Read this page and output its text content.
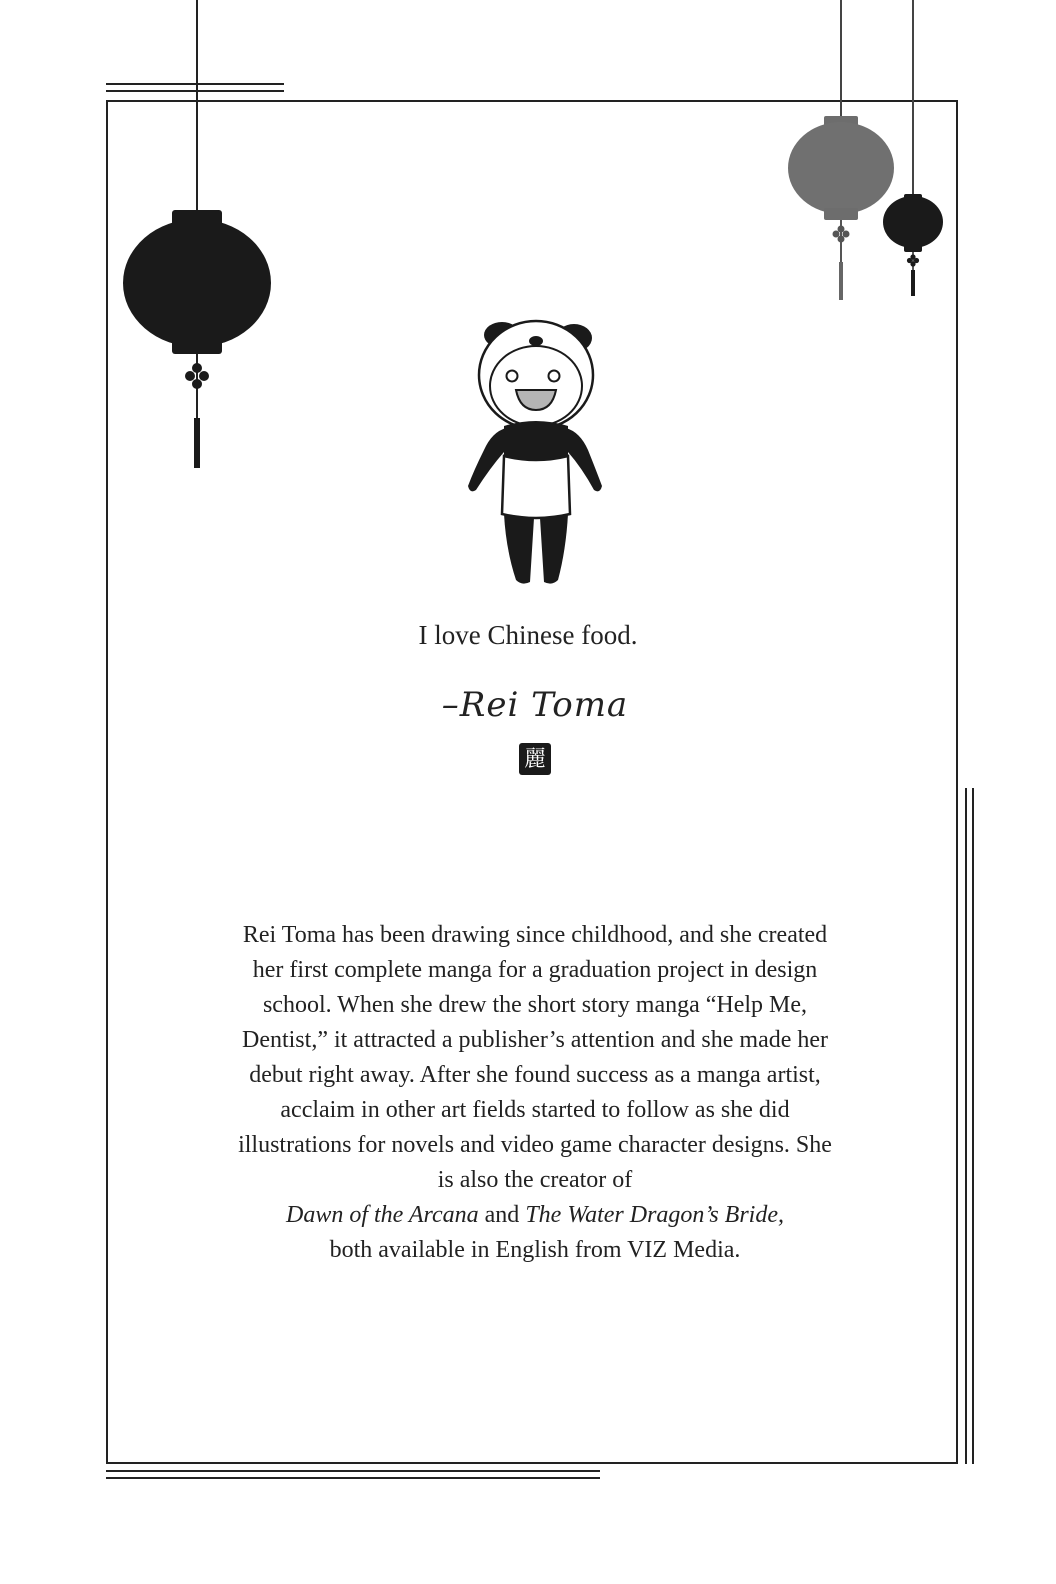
I love Chinese food.
–Rei Toma
麗

Rei Toma has been drawing since childhood, and she created her first complete manga for a graduation project in design school. When she drew the short story manga “Help Me, Dentist,” it attracted a publisher’s attention and she made her debut right away. After she found success as a manga artist, acclaim in other art fields started to follow as she did illustrations for novels and video game character designs. She is also the creator of
Dawn of the Arcana and The Water Dragon’s Bride,
both available in English from VIZ Media.
